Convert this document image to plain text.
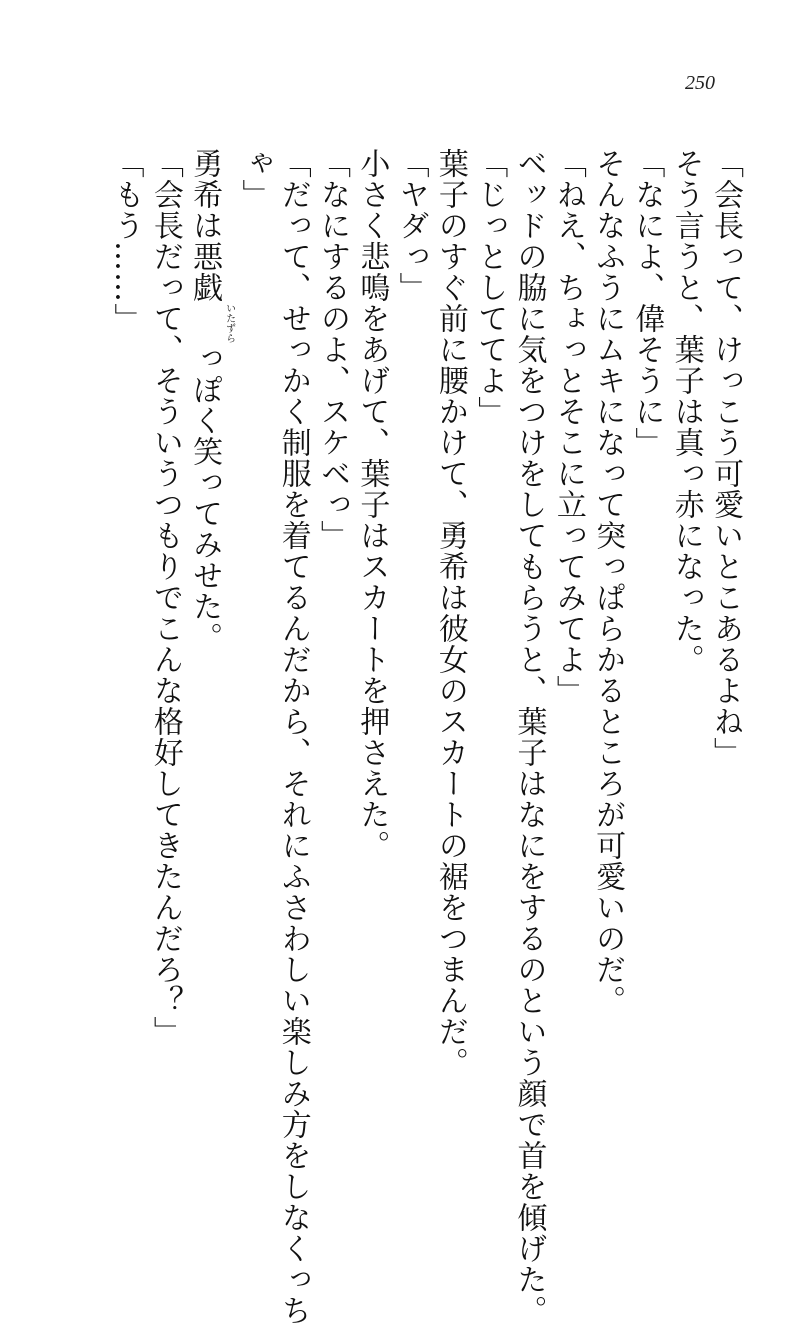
250
「会長って、けっこう可愛いとこあるよね」
そう言うと、葉子は真っ赤になった。
「なによ、偉そうに」
そんなふうにムキになって突っぱらかるところが可愛いのだ。
「ねえ、ちょっとそこに立ってみてよ」
ベッドの脇に気をつけをしてもらうと、葉子はなにをするのという顔で首を傾げた。
「じっとしててよ」
葉子のすぐ前に腰かけて、勇希は彼女のスカートの裾をつまんだ。
「ヤダっ」
小さく悲鳴をあげて、葉子はスカートを押さえた。
「なにするのよ、スケベっ」
「だって、せっかく制服を着てるんだから、それにふさわしい楽しみ方をしなくっち
ゃ」
勇希は悪戯いたずらっぽく笑ってみせた。
「会長だって、そういうつもりでこんな格好してきたんだろ？」
「もう……」
